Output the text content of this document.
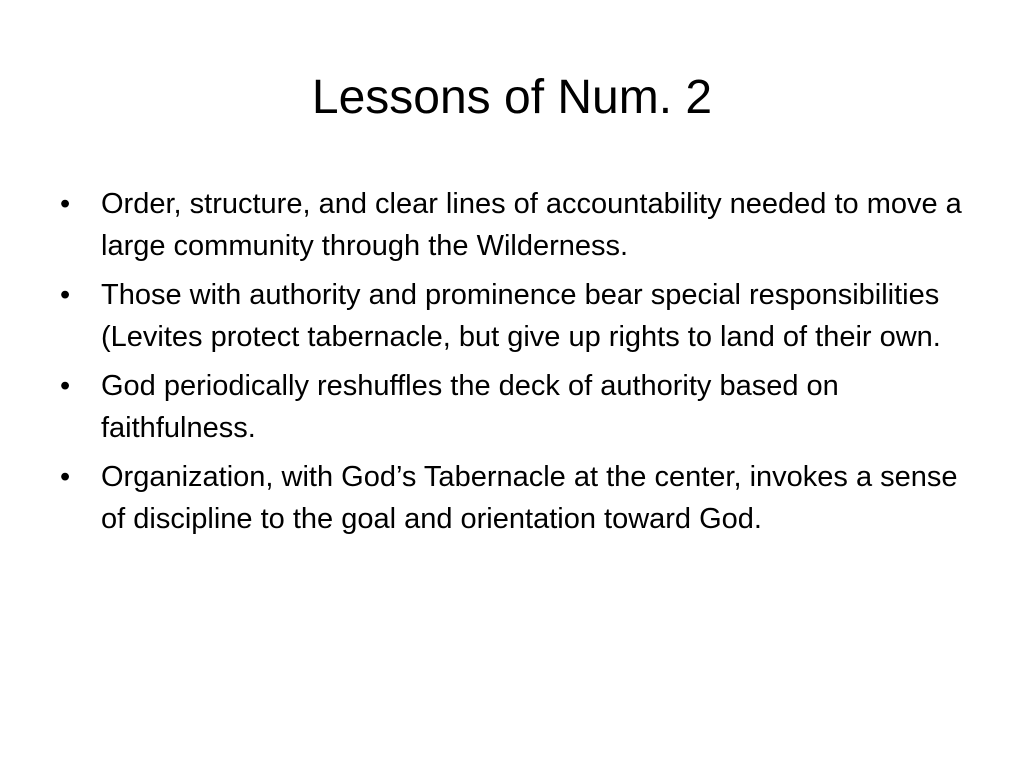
Lessons of Num. 2
•	Order, structure, and clear lines of accountability needed to move a large community through the Wilderness.
•	Those with authority and prominence bear special responsibilities (Levites protect tabernacle, but give up rights to land of their own.
•	God periodically reshuffles the deck of authority based on faithfulness.
•	Organization, with God’s Tabernacle at the center, invokes a sense of discipline to the goal and orientation toward God.
